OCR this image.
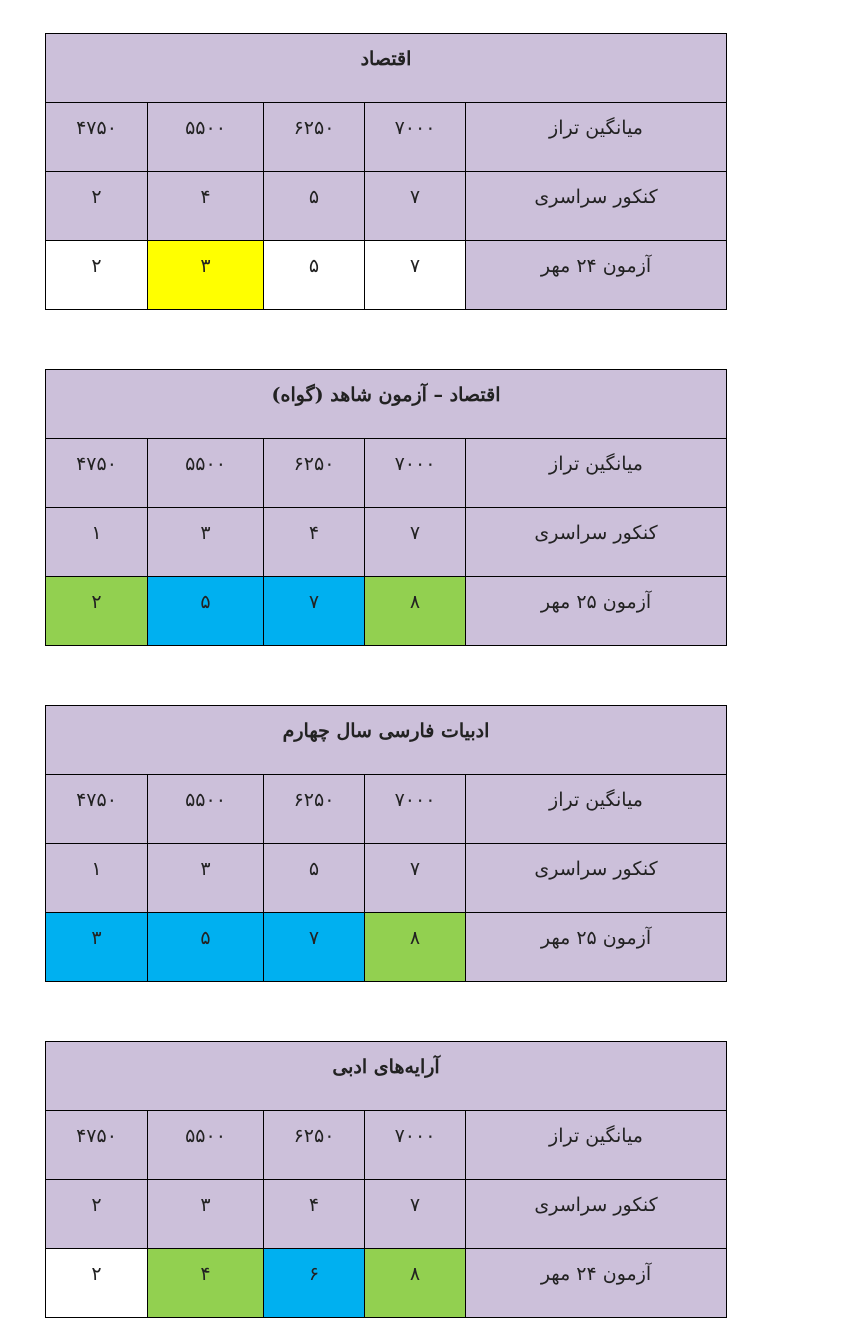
اقتصاد				
۴۷۵۰	۵۵۰۰	۶۲۵۰	۷۰۰۰	میانگین تراز
۲	۴	۵	۷	کنکور سراسری
۲	۳	۵	۷	آزمون ۲۴ مهر
اقتصاد – آزمون شاهد (گواه)				
۴۷۵۰	۵۵۰۰	۶۲۵۰	۷۰۰۰	میانگین تراز
۱	۳	۴	۷	کنکور سراسری
۲	۵	۷	۸	آزمون ۲۵ مهر
ادبیات فارسی سال چهارم				
۴۷۵۰	۵۵۰۰	۶۲۵۰	۷۰۰۰	میانگین تراز
۱	۳	۵	۷	کنکور سراسری
۳	۵	۷	۸	آزمون ۲۵ مهر
آرایه‌های ادبی				
۴۷۵۰	۵۵۰۰	۶۲۵۰	۷۰۰۰	میانگین تراز
۲	۳	۴	۷	کنکور سراسری
۲	۴	۶	۸	آزمون ۲۴ مهر
